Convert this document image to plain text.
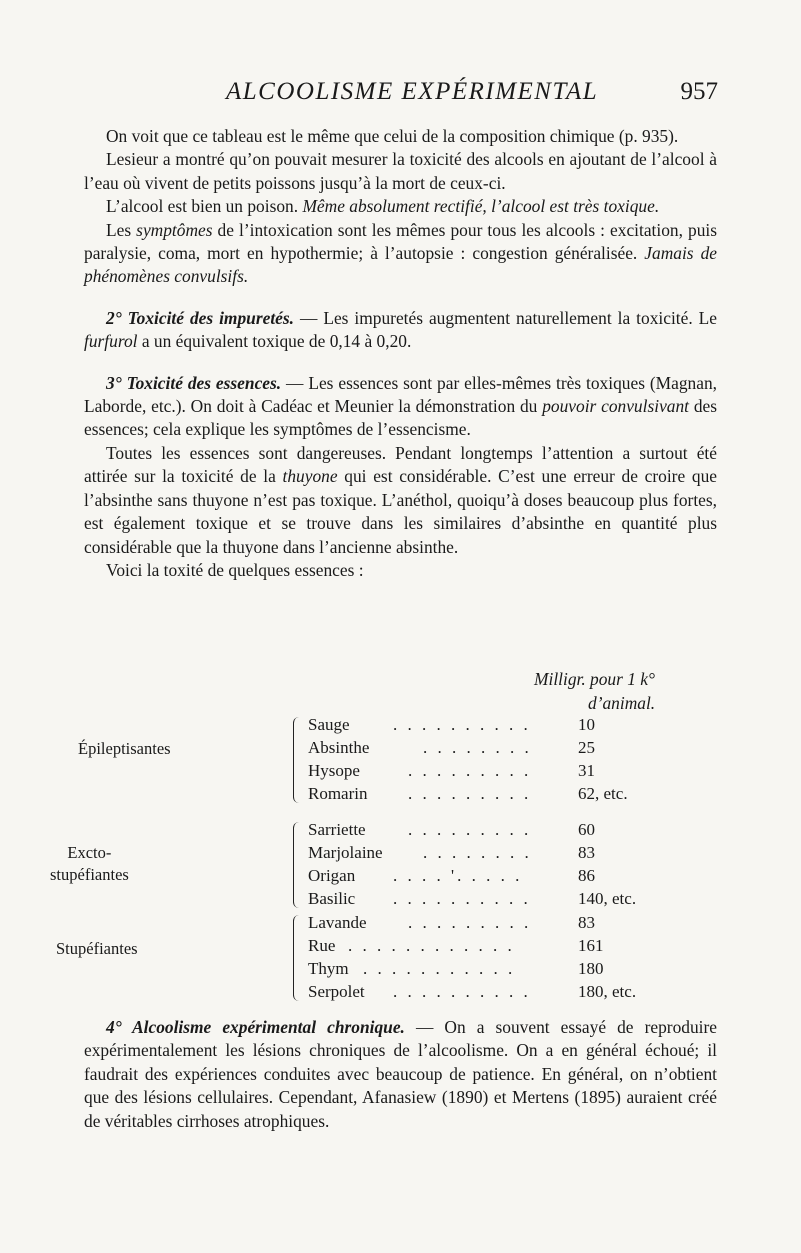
ALCOOLISME EXPÉRIMENTAL	957

On voit que ce tableau est le même que celui de la composition chimique (p. 935).

Lesieur a montré qu’on pouvait mesurer la toxicité des alcools en ajoutant de l’alcool à l’eau où vivent de petits poissons jusqu’à la mort de ceux-ci.

L’alcool est bien un poison. Même absolument rectifié, l’alcool est très toxique.

Les symptômes de l’intoxication sont les mêmes pour tous les alcools : excitation, puis paralysie, coma, mort en hypothermie; à l’autopsie : congestion généralisée. Jamais de phénomènes convulsifs.

2° Toxicité des impuretés. — Les impuretés augmentent naturellement la toxicité. Le furfurol a un équivalent toxique de 0,14 à 0,20.

3° Toxicité des essences. — Les essences sont par elles-mêmes très toxiques (Magnan, Laborde, etc.). On doit à Cadéac et Meunier la démonstration du pouvoir convulsivant des essences; cela explique les symptômes de l’essencisme.

Toutes les essences sont dangereuses. Pendant longtemps l’attention a surtout été attirée sur la toxicité de la thuyone qui est considérable. C’est une erreur de croire que l’absinthe sans thuyone n’est pas toxique. L’anéthol, quoiqu’à doses beaucoup plus fortes, est également toxique et se trouve dans les similaires d’absinthe en quantité plus considérable que la thuyone dans l’ancienne absinthe.

Voici la toxité de quelques essences :

Milligr. pour 1 k°
d’animal.
Épileptisantes
Sauge	. . . . . . . . . .	10
Absinthe	. . . . . . . .	25
Hysope	. . . . . . . . .	31
Romarin . . . . . . . . .	62, etc.
Excto-
stupéfiantes
Sarriette . . . . . . . . .	60
Marjolaine . . . . . . . .	83
Origan . . . . '. . . . .	86
Basilic . . . . . . . . . .	140, etc.
Stupéfiantes
Lavande . . . . . . . . .	83
Rue . . . . . . . . . . . .	161
Thym . . . . . . . . . . .	180
Serpolet . . . . . . . . . .	180, etc.

4° Alcoolisme expérimental chronique. — On a souvent essayé de reproduire expérimentalement les lésions chroniques de l’alcoolisme. On a en général échoué; il faudrait des expériences conduites avec beaucoup de patience. En général, on n’obtient que des lésions cellulaires. Cependant, Afanasiew (1890) et Mertens (1895) auraient créé de véritables cirrhoses atrophiques.
